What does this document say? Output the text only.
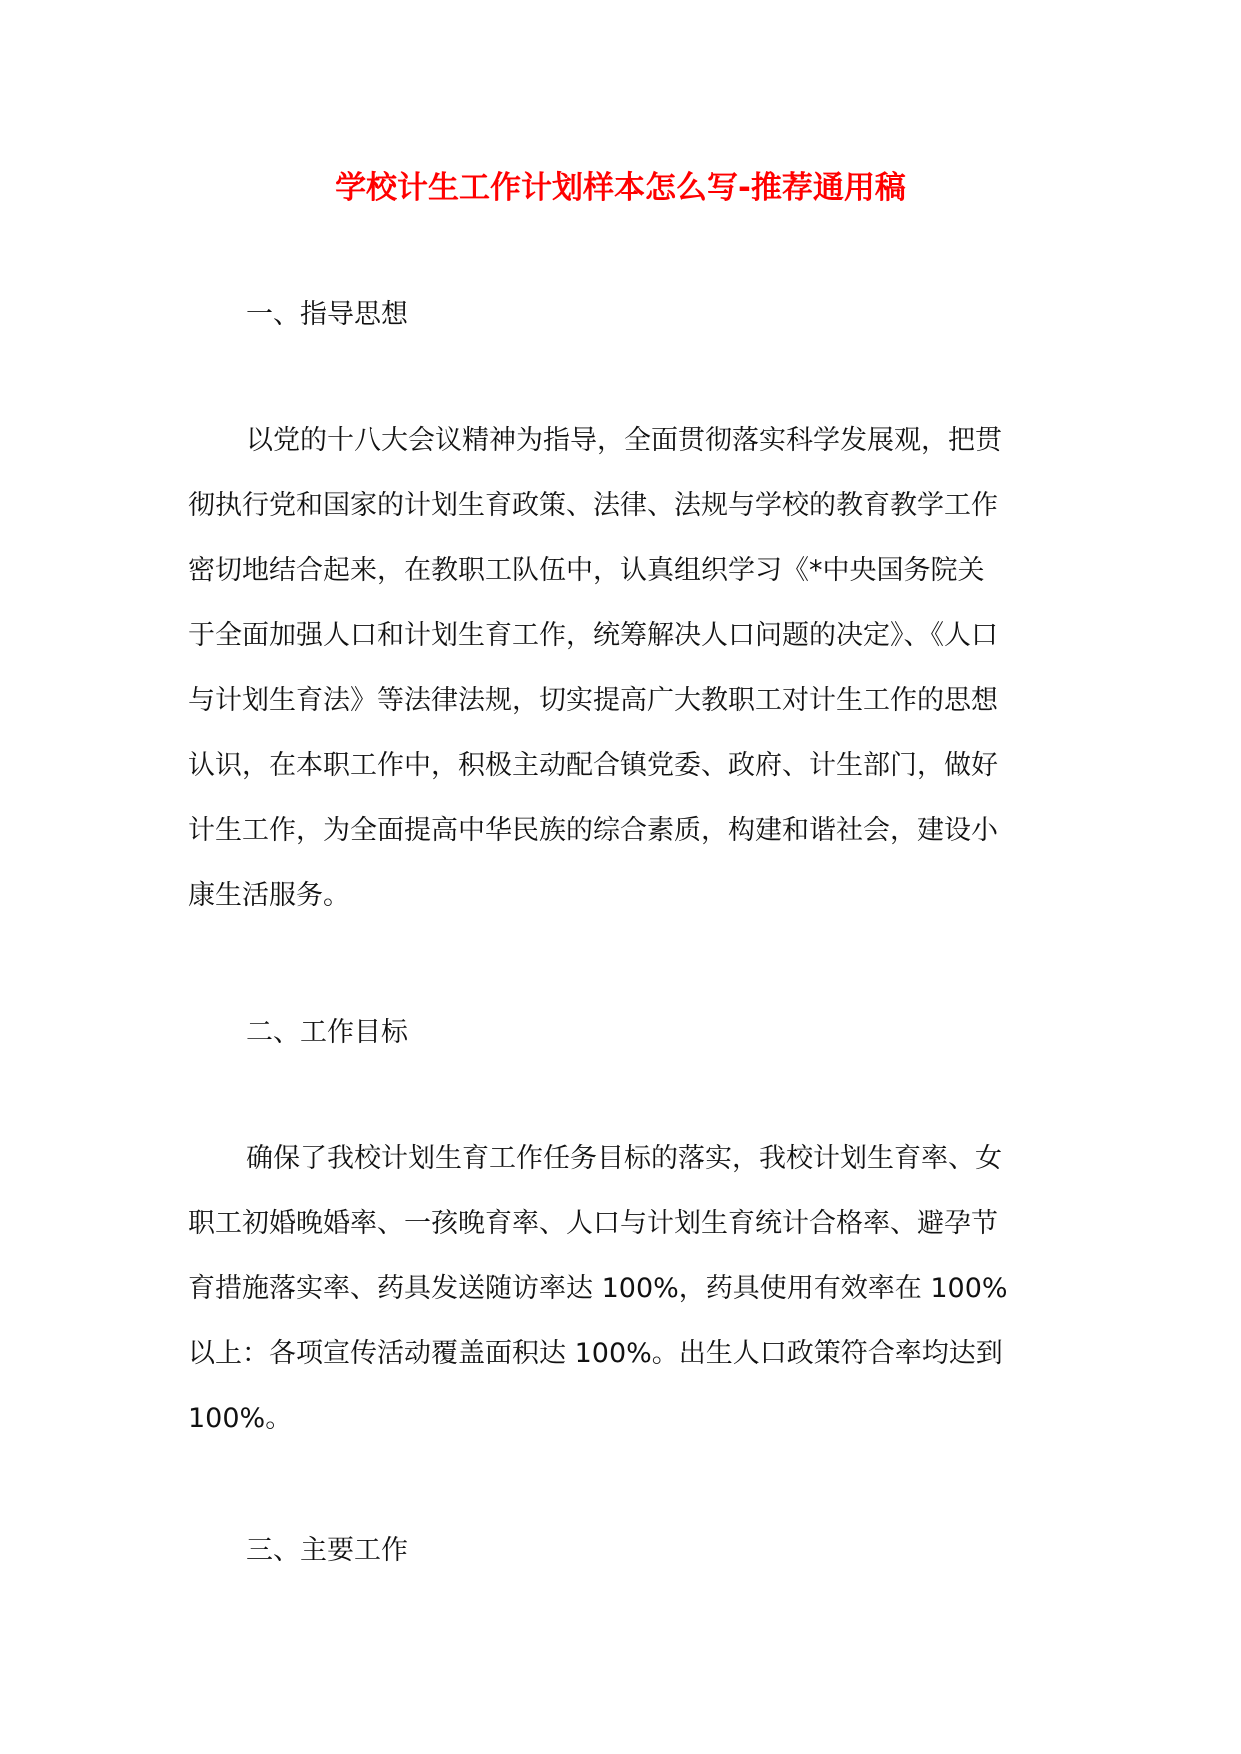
学校计生工作计划样本怎么写-推荐通用稿
一、指导思想
以党的十八大会议精神为指导，全面贯彻落实科学发展观，把贯
彻执行党和国家的计划生育政策、法律、法规与学校的教育教学工作
密切地结合起来，在教职工队伍中，认真组织学习《*中央国务院关
于全面加强人口和计划生育工作，统筹解决人口问题的决定》、《人口
与计划生育法》等法律法规，切实提高广大教职工对计生工作的思想
认识，在本职工作中，积极主动配合镇党委、政府、计生部门，做好
计生工作，为全面提高中华民族的综合素质，构建和谐社会，建设小
康生活服务。
二、工作目标
确保了我校计划生育工作任务目标的落实，我校计划生育率、女
职工初婚晚婚率、一孩晚育率、人口与计划生育统计合格率、避孕节
育措施落实率、药具发送随访率达 100%，药具使用有效率在 100%
以上：各项宣传活动覆盖面积达 100%。出生人口政策符合率均达到
100%。
三、主要工作
